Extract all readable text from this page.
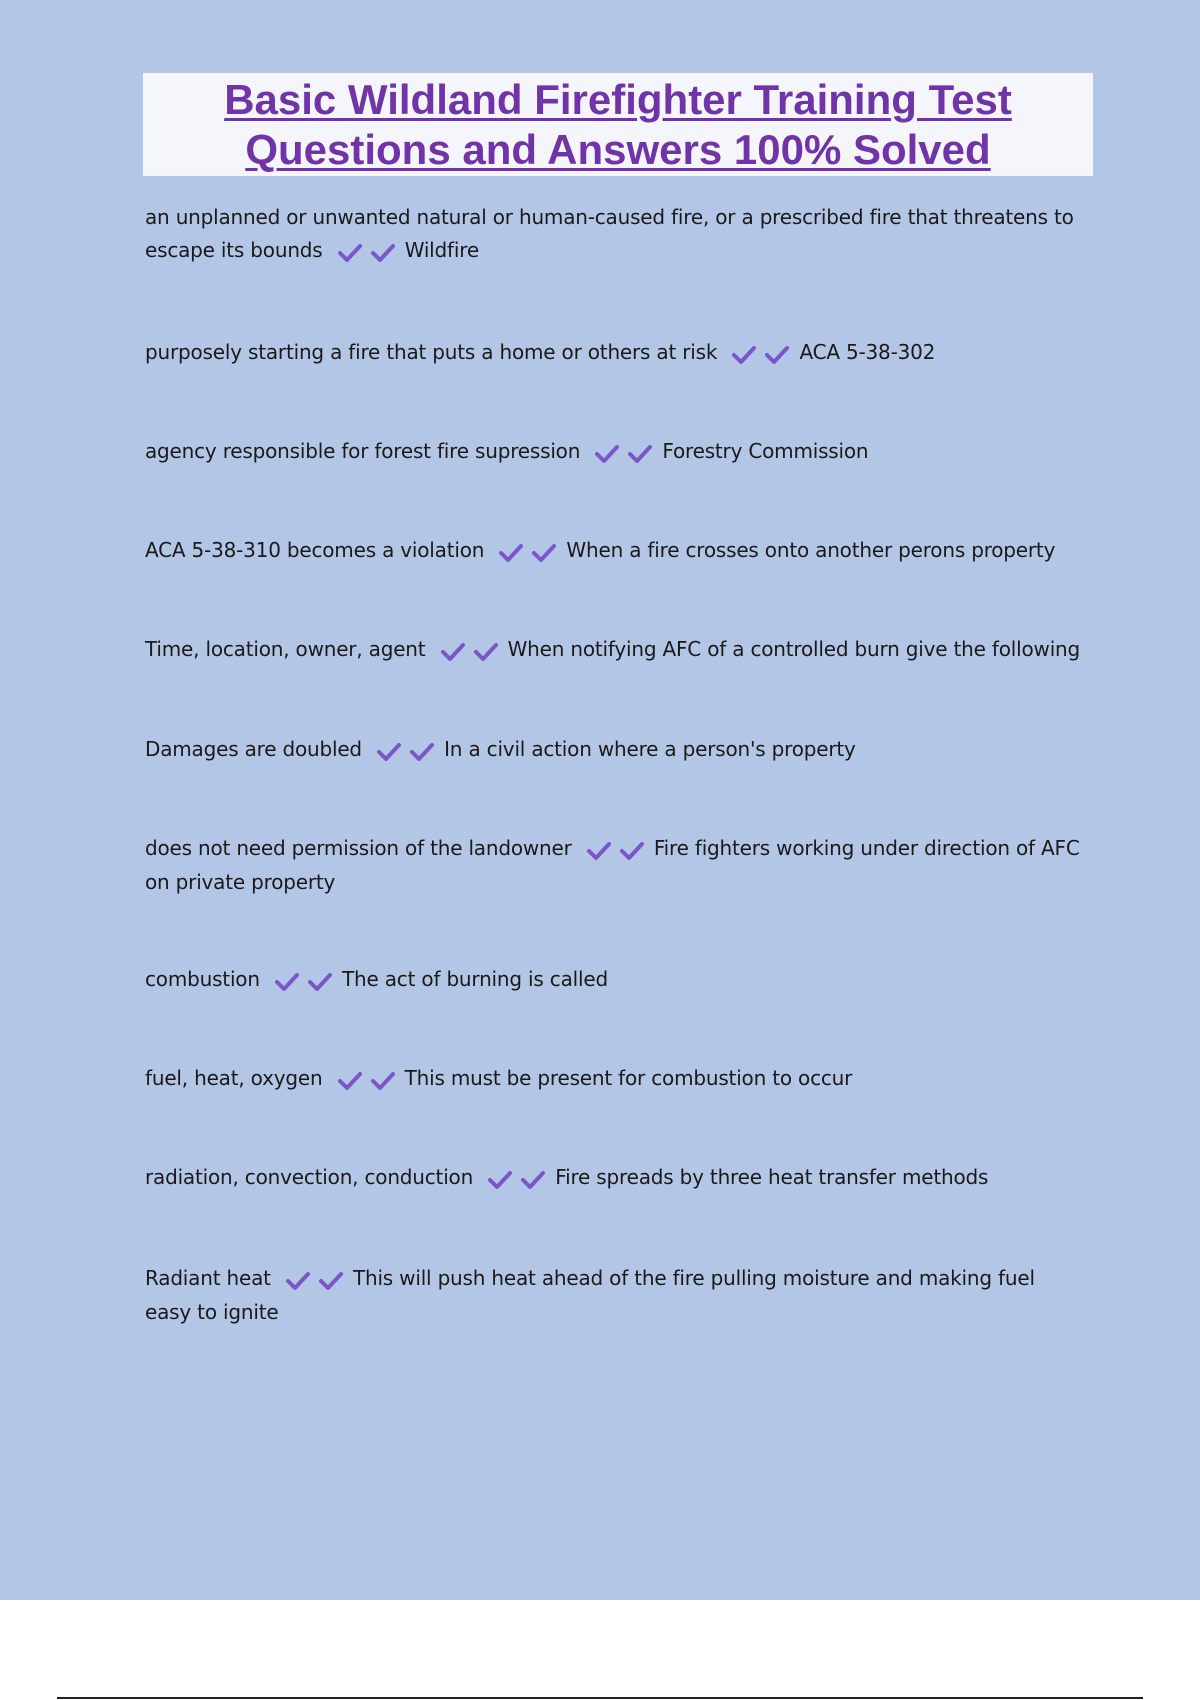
Basic Wildland Firefighter Training Test
Questions and Answers 100% Solved
an unplanned or unwanted natural or human-caused fire, or a prescribed fire that threatens to escape its bounds	Wildfire
purposely starting a fire that puts a home or others at risk	ACA 5-38-302
agency responsible for forest fire supression	Forestry Commission
ACA 5-38-310 becomes a violation	When a fire crosses onto another perons property
Time, location, owner, agent	When notifying AFC of a controlled burn give the following
Damages are doubled	In a civil action where a person's property
does not need permission of the landowner	Fire fighters working under direction of AFC on private property
combustion	The act of burning is called
fuel, heat, oxygen	This must be present for combustion to occur
radiation, convection, conduction	Fire spreads by three heat transfer methods
Radiant heat	This will push heat ahead of the fire pulling moisture and making fuel easy to ignite
